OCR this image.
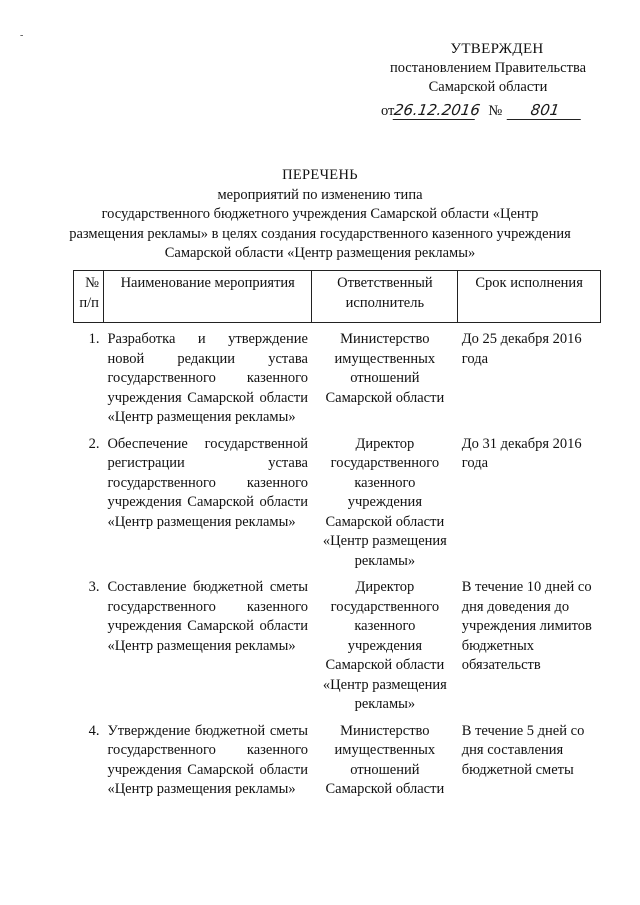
-
УТВЕРЖДЕН
постановлением Правительства
Самарской области
от
26.12.2016 №	801
ПЕРЕЧЕНЬ
мероприятий по изменению типа
государственного бюджетного учреждения Самарской области «Центр
размещения рекламы» в целях создания государственного казенного учреждения
Самарской области «Центр размещения рекламы»
№ п/п	Наименование мероприятия	Ответственный исполнитель	Срок исполнения
1.	Разработка и утверждение новой редакции устава государственного казенного учреждения Самарской области «Центр размещения рекламы»	Министерство имущественных отношений Самарской области	До 25 декабря 2016 года
2.	Обеспечение государственной регистрации устава государственного казенного учреждения Самарской области «Центр размещения рекламы»	Директор государственного казенного учреждения Самарской области «Центр размещения рекламы»	До 31 декабря 2016 года
3.	Составление бюджетной сметы государственного казенного учреждения Самарской области «Центр размещения рекламы»	Директор государственного казенного учреждения Самарской области «Центр размещения рекламы»	В течение 10 дней со дня доведения до учреждения лимитов бюджетных обязательств
4.	Утверждение бюджетной сметы государственного казенного учреждения Самарской области «Центр размещения рекламы»	Министерство имущественных отношений Самарской области	В течение 5 дней со дня составления бюджетной сметы
